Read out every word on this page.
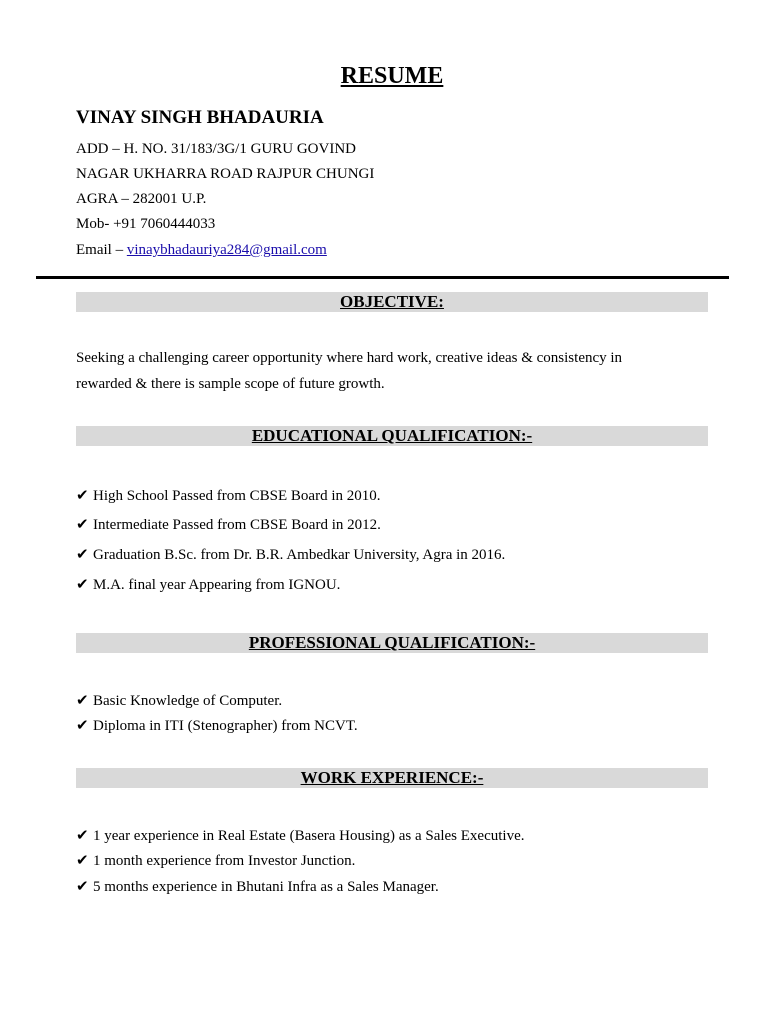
RESUME
VINAY SINGH BHADAURIA
ADD – H. NO. 31/183/3G/1 GURU GOVIND
NAGAR UKHARRA ROAD RAJPUR CHUNGI
AGRA – 282001 U.P.
Mob- +91 7060444033
Email – vinaybhadauriya284@gmail.com
OBJECTIVE:
Seeking a challenging career opportunity where hard work, creative ideas & consistency in rewarded & there is sample scope of future growth.
EDUCATIONAL QUALIFICATION:-
✔ High School Passed from CBSE Board in 2010.
✔ Intermediate Passed from CBSE Board in 2012.
✔ Graduation B.Sc. from Dr. B.R. Ambedkar University, Agra in 2016.
✔ M.A. final year Appearing from IGNOU.
PROFESSIONAL QUALIFICATION:-
✔ Basic Knowledge of Computer.
✔ Diploma in ITI (Stenographer) from NCVT.
WORK EXPERIENCE:-
✔ 1 year experience in Real Estate (Basera Housing) as a Sales Executive.
✔ 1 month experience from Investor Junction.
✔ 5 months experience in Bhutani Infra as a Sales Manager.
